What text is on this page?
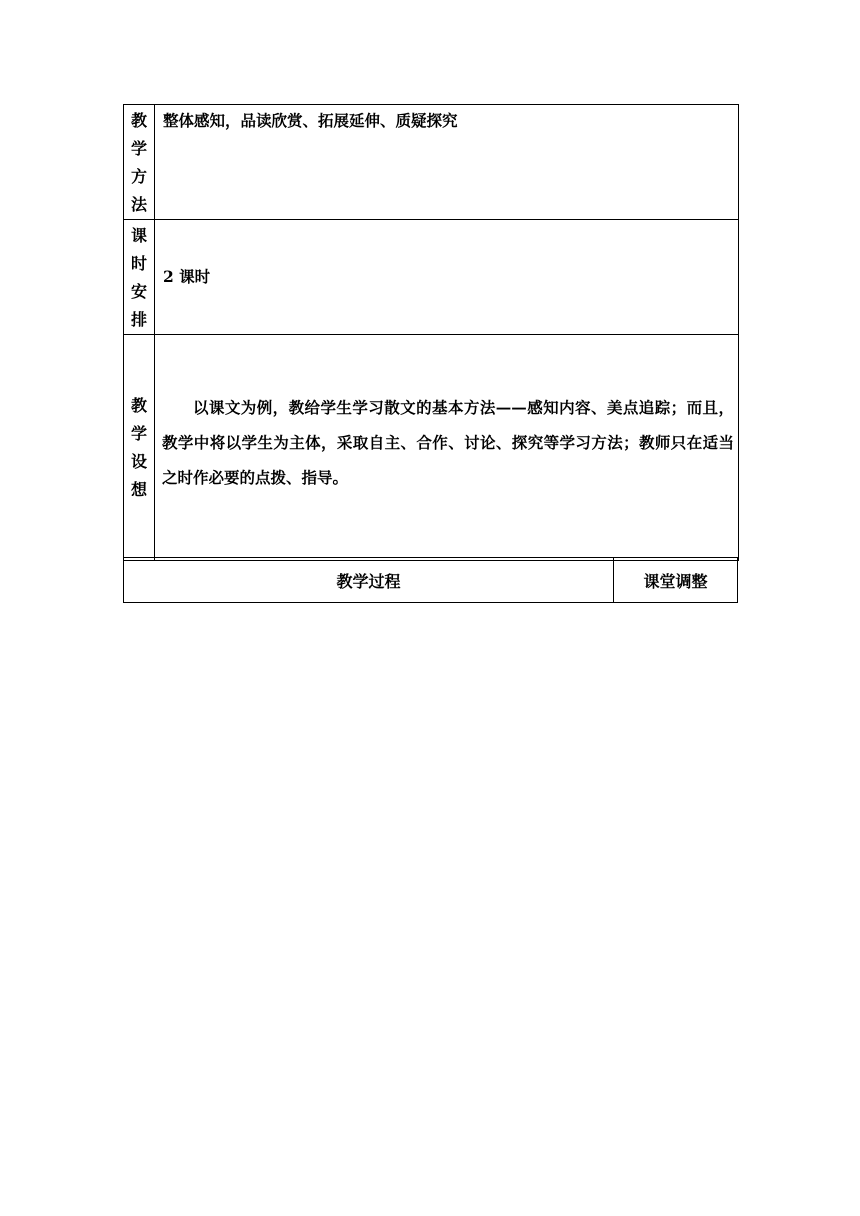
教学方法	整体感知，品读欣赏、拓展延伸、质疑探究

课时安排	2 课时

教学设想	以课文为例，教给学生学习散文的基本方法——感知内容、美点追踪；而且，教学中将以学生为主体，采取自主、合作、讨论、探究等学习方法；教师只在适当之时作必要的点拨、指导。
教学过程	课堂调整
